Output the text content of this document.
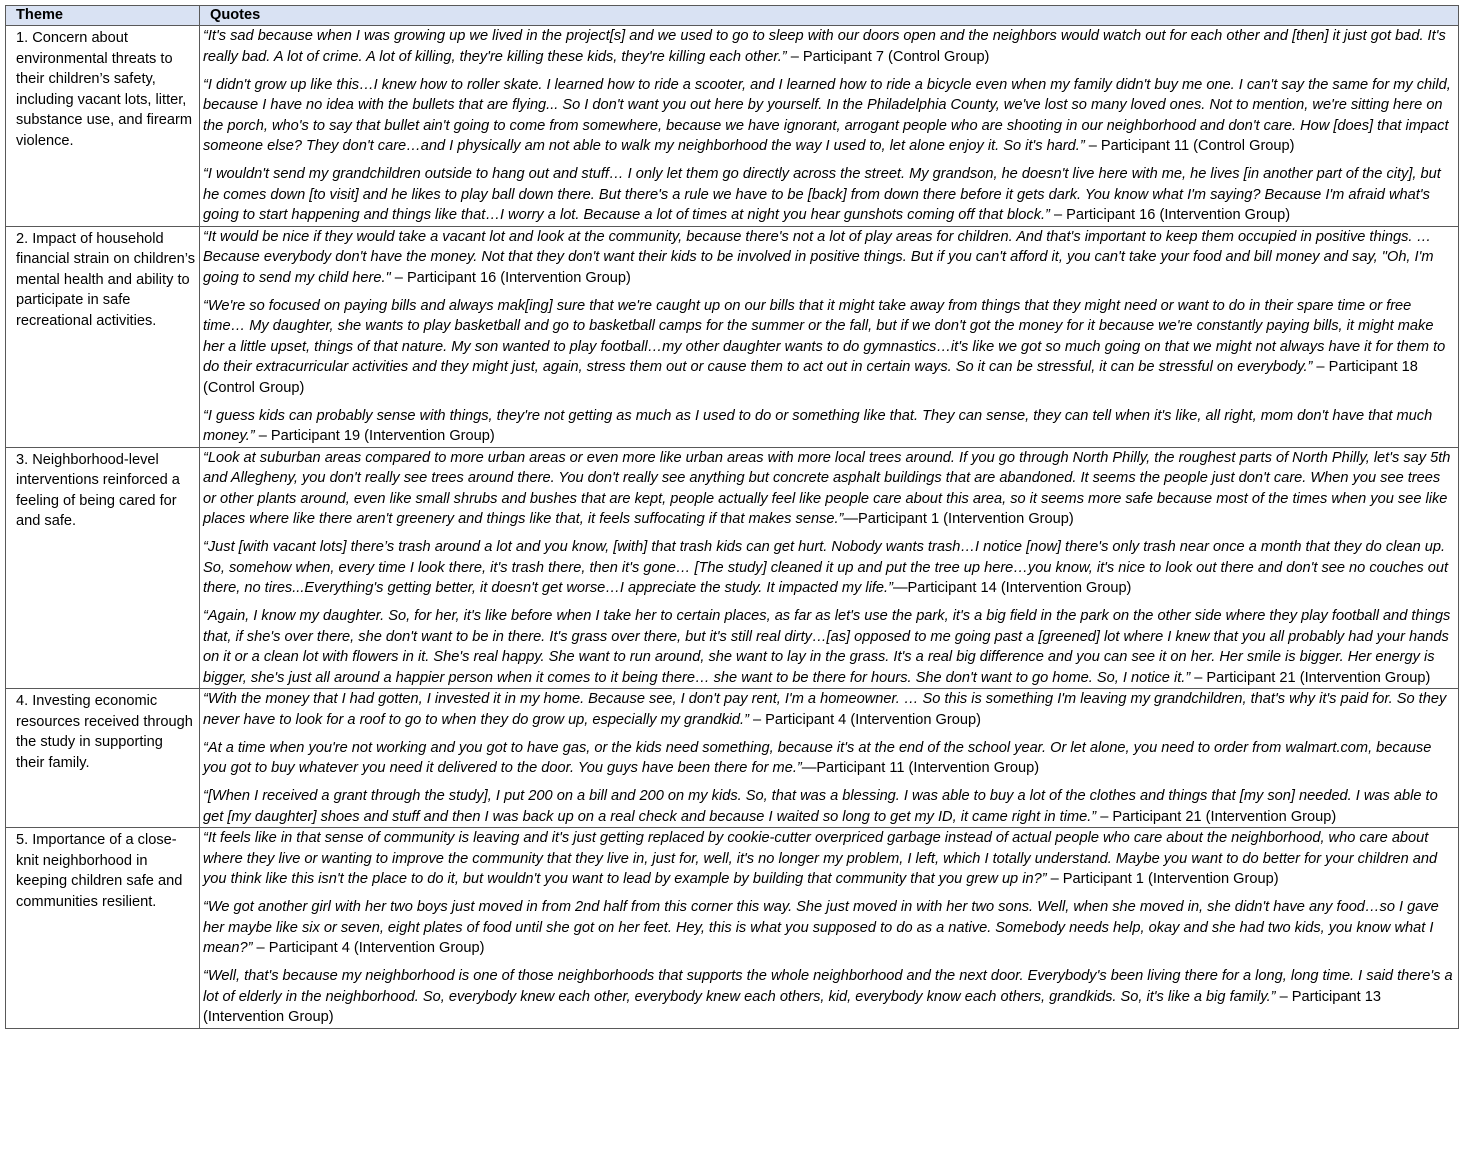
Theme	Quotes
1. Concern about environmental threats to their children’s safety, including vacant lots, litter, substance use, and firearm violence.	“It's sad because when I was growing up we lived in the project[s] and we used to go to sleep with our doors open and the neighbors would watch out for each other and [then] it just got bad. It's really bad. A lot of crime. A lot of killing, they're killing these kids, they're killing each other.” – Participant 7 (Control Group)

“I didn't grow up like this…I knew how to roller skate. I learned how to ride a scooter, and I learned how to ride a bicycle even when my family didn't buy me one. I can't say the same for my child, because I have no idea with the bullets that are flying... So I don't want you out here by yourself. In the Philadelphia County, we've lost so many loved ones. Not to mention, we're sitting here on the porch, who's to say that bullet ain't going to come from somewhere, because we have ignorant, arrogant people who are shooting in our neighborhood and don't care. How [does] that impact someone else? They don't care…and I physically am not able to walk my neighborhood the way I used to, let alone enjoy it. So it's hard.” – Participant 11 (Control Group)

“I wouldn't send my grandchildren outside to hang out and stuff… I only let them go directly across the street. My grandson, he doesn't live here with me, he lives [in another part of the city], but he comes down [to visit] and he likes to play ball down there. But there's a rule we have to be [back] from down there before it gets dark. You know what I'm saying? Because I'm afraid what's going to start happening and things like that…I worry a lot. Because a lot of times at night you hear gunshots coming off that block.” – Participant 16 (Intervention Group)

2. Impact of household financial strain on children’s mental health and ability to participate in safe recreational activities.	“It would be nice if they would take a vacant lot and look at the community, because there's not a lot of play areas for children. And that's important to keep them occupied in positive things. … Because everybody don't have the money. Not that they don't want their kids to be involved in positive things. But if you can't afford it, you can't take your food and bill money and say, "Oh, I'm going to send my child here." – Participant 16 (Intervention Group)

“We're so focused on paying bills and always mak[ing] sure that we're caught up on our bills that it might take away from things that they might need or want to do in their spare time or free time… My daughter, she wants to play basketball and go to basketball camps for the summer or the fall, but if we don't got the money for it because we're constantly paying bills, it might make her a little upset, things of that nature. My son wanted to play football…my other daughter wants to do gymnastics…it's like we got so much going on that we might not always have it for them to do their extracurricular activities and they might just, again, stress them out or cause them to act out in certain ways. So it can be stressful, it can be stressful on everybody.” – Participant 18 (Control Group)

“I guess kids can probably sense with things, they're not getting as much as I used to do or something like that. They can sense, they can tell when it's like, all right, mom don't have that much money.” – Participant 19 (Intervention Group)

3. Neighborhood-level interventions reinforced a feeling of being cared for and safe.	“Look at suburban areas compared to more urban areas or even more like urban areas with more local trees around. If you go through North Philly, the roughest parts of North Philly, let's say 5th and Allegheny, you don't really see trees around there. You don't really see anything but concrete asphalt buildings that are abandoned. It seems the people just don't care. When you see trees or other plants around, even like small shrubs and bushes that are kept, people actually feel like people care about this area, so it seems more safe because most of the times when you see like places where like there aren't greenery and things like that, it feels suffocating if that makes sense.”—Participant 1 (Intervention Group)

“Just [with vacant lots] there’s trash around a lot and you know, [with] that trash kids can get hurt. Nobody wants trash…I notice [now] there's only trash near once a month that they do clean up. So, somehow when, every time I look there, it's trash there, then it's gone… [The study] cleaned it up and put the tree up here…you know, it's nice to look out there and don't see no couches out there, no tires...Everything's getting better, it doesn't get worse…I appreciate the study. It impacted my life.”—Participant 14 (Intervention Group)

“Again, I know my daughter. So, for her, it's like before when I take her to certain places, as far as let's use the park, it's a big field in the park on the other side where they play football and things that, if she's over there, she don't want to be in there. It's grass over there, but it's still real dirty…[as] opposed to me going past a [greened] lot where I knew that you all probably had your hands on it or a clean lot with flowers in it. She's real happy. She want to run around, she want to lay in the grass. It's a real big difference and you can see it on her. Her smile is bigger. Her energy is bigger, she's just all around a happier person when it comes to it being there… she want to be there for hours. She don't want to go home. So, I notice it.” – Participant 21 (Intervention Group)

4. Investing economic resources received through the study in supporting their family.	“With the money that I had gotten, I invested it in my home. Because see, I don't pay rent, I'm a homeowner. … So this is something I'm leaving my grandchildren, that's why it's paid for. So they never have to look for a roof to go to when they do grow up, especially my grandkid.” – Participant 4 (Intervention Group)

“At a time when you're not working and you got to have gas, or the kids need something, because it's at the end of the school year. Or let alone, you need to order from walmart.com, because you got to buy whatever you need it delivered to the door. You guys have been there for me.”—Participant 11 (Intervention Group)

“[When I received a grant through the study], I put 200 on a bill and 200 on my kids. So, that was a blessing. I was able to buy a lot of the clothes and things that [my son] needed. I was able to get [my daughter] shoes and stuff and then I was back up on a real check and because I waited so long to get my ID, it came right in time.” – Participant 21 (Intervention Group)

5. Importance of a close-knit neighborhood in keeping children safe and communities resilient.	“It feels like in that sense of community is leaving and it's just getting replaced by cookie-cutter overpriced garbage instead of actual people who care about the neighborhood, who care about where they live or wanting to improve the community that they live in, just for, well, it's no longer my problem, I left, which I totally understand. Maybe you want to do better for your children and you think like this isn't the place to do it, but wouldn't you want to lead by example by building that community that you grew up in?” – Participant 1 (Intervention Group)

“We got another girl with her two boys just moved in from 2nd half from this corner this way. She just moved in with her two sons. Well, when she moved in, she didn't have any food…so I gave her maybe like six or seven, eight plates of food until she got on her feet. Hey, this is what you supposed to do as a native. Somebody needs help, okay and she had two kids, you know what I mean?” – Participant 4 (Intervention Group)

“Well, that's because my neighborhood is one of those neighborhoods that supports the whole neighborhood and the next door. Everybody's been living there for a long, long time. I said there's a lot of elderly in the neighborhood. So, everybody knew each other, everybody knew each others, kid, everybody know each others, grandkids. So, it's like a big family.” – Participant 13 (Intervention Group)
